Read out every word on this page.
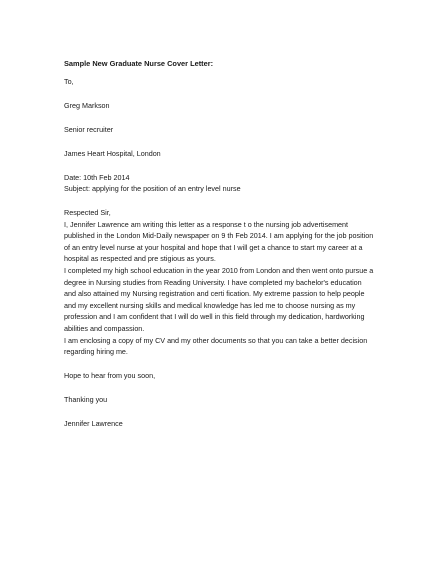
Sample New Graduate Nurse Cover Letter:

To,

Greg Markson

Senior recruiter

James Heart Hospital, London

Date: 10th Feb 2014

Subject: applying for the position of an entry level nurse

Respected Sir,

I, Jennifer Lawrence am writing this letter as a response t o the nursing job advertisement
published in the London Mid-Daily newspaper on 9 th Feb 2014. I am applying for the job position
of an entry level nurse at your hospital and hope that I will get a chance to start my career at a
hospital as respected and pre stigious as yours.

I completed my high school education in the year 2010 from London and then went onto pursue a
degree in Nursing studies from Reading University. I have completed my bachelor's education
and also attained my Nursing registration and certi fication. My extreme passion to help people
and my excellent nursing skills and medical knowledge has led me to choose nursing as my
profession and I am confident that I will do well in this field through my dedication, hardworking
abilities and compassion.

I am enclosing a copy of my CV and my other documents so that you can take a better decision
regarding hiring me.

Hope to hear from you soon,

Thanking you

Jennifer Lawrence
